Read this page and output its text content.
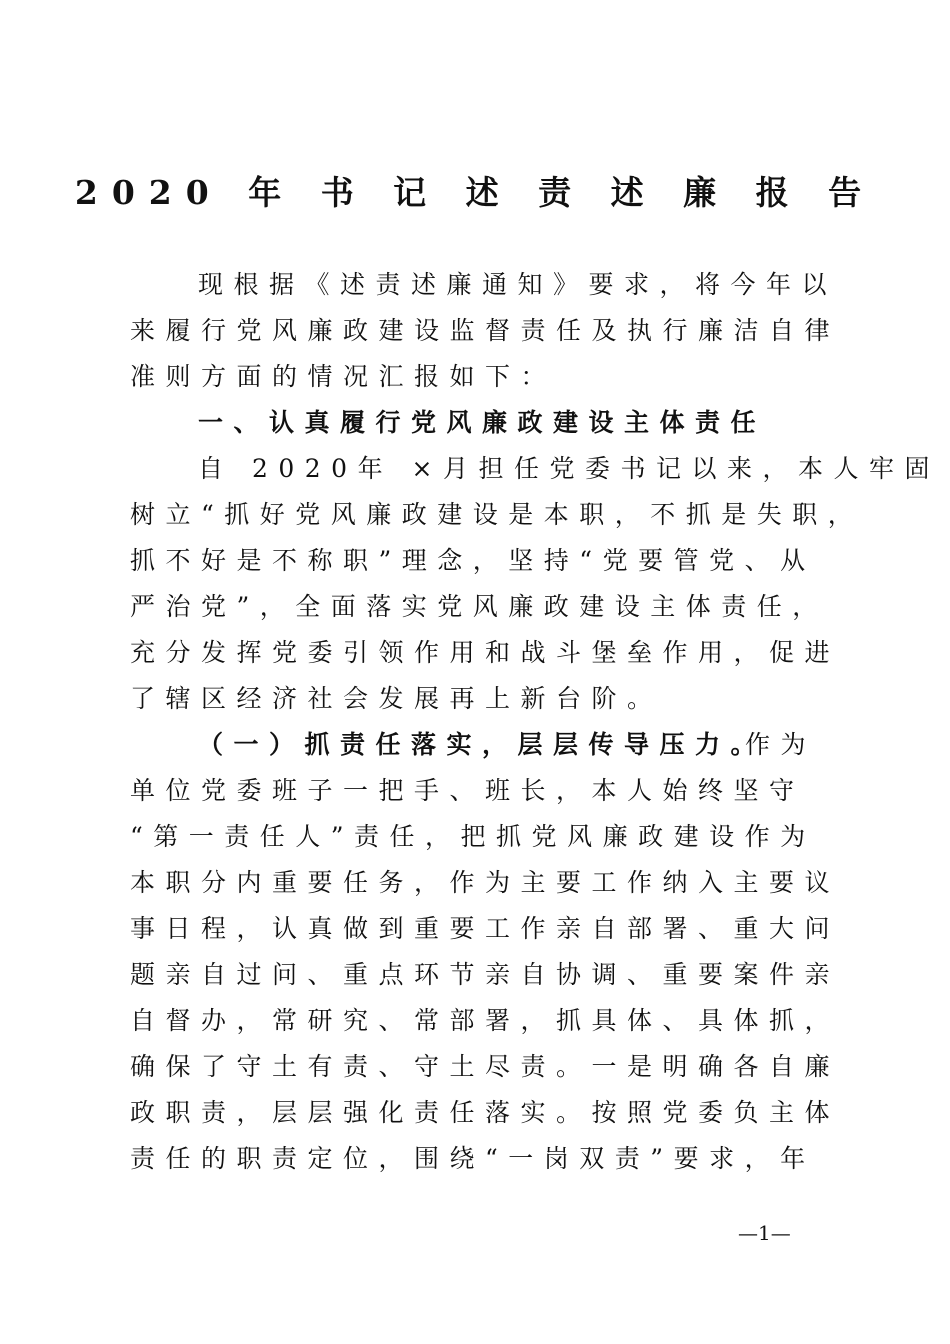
2020 年 书 记 述 责 述 廉 报 告
现根据《述责述廉通知》要求，将今年以
来履行党风廉政建设监督责任及执行廉洁自律
准则方面的情况汇报如下：
一、认真履行党风廉政建设主体责任
自 2020年 ×月担任党委书记以来，本人牢固
树立“抓好党风廉政建设是本职，不抓是失职，
抓不好是不称职”理念，坚持“党要管党、从
严治党”，全面落实党风廉政建设主体责任，
充分发挥党委引领作用和战斗堡垒作用，促进
了辖区经济社会发展再上新台阶。
（一）抓责任落实，层层传导压力。
作为
单位党委班子一把手、班长，本人始终坚守
“第一责任人”责任，把抓党风廉政建设作为
本职分内重要任务，作为主要工作纳入主要议
事日程，认真做到重要工作亲自部署、重大问
题亲自过问、重点环节亲自协调、重要案件亲
自督办，常研究、常部署，抓具体、具体抓，
确保了守土有责、守土尽责。一是明确各自廉
政职责，层层强化责任落实。按照党委负主体
责任的职责定位，围绕“一岗双责”要求，年
—1—
